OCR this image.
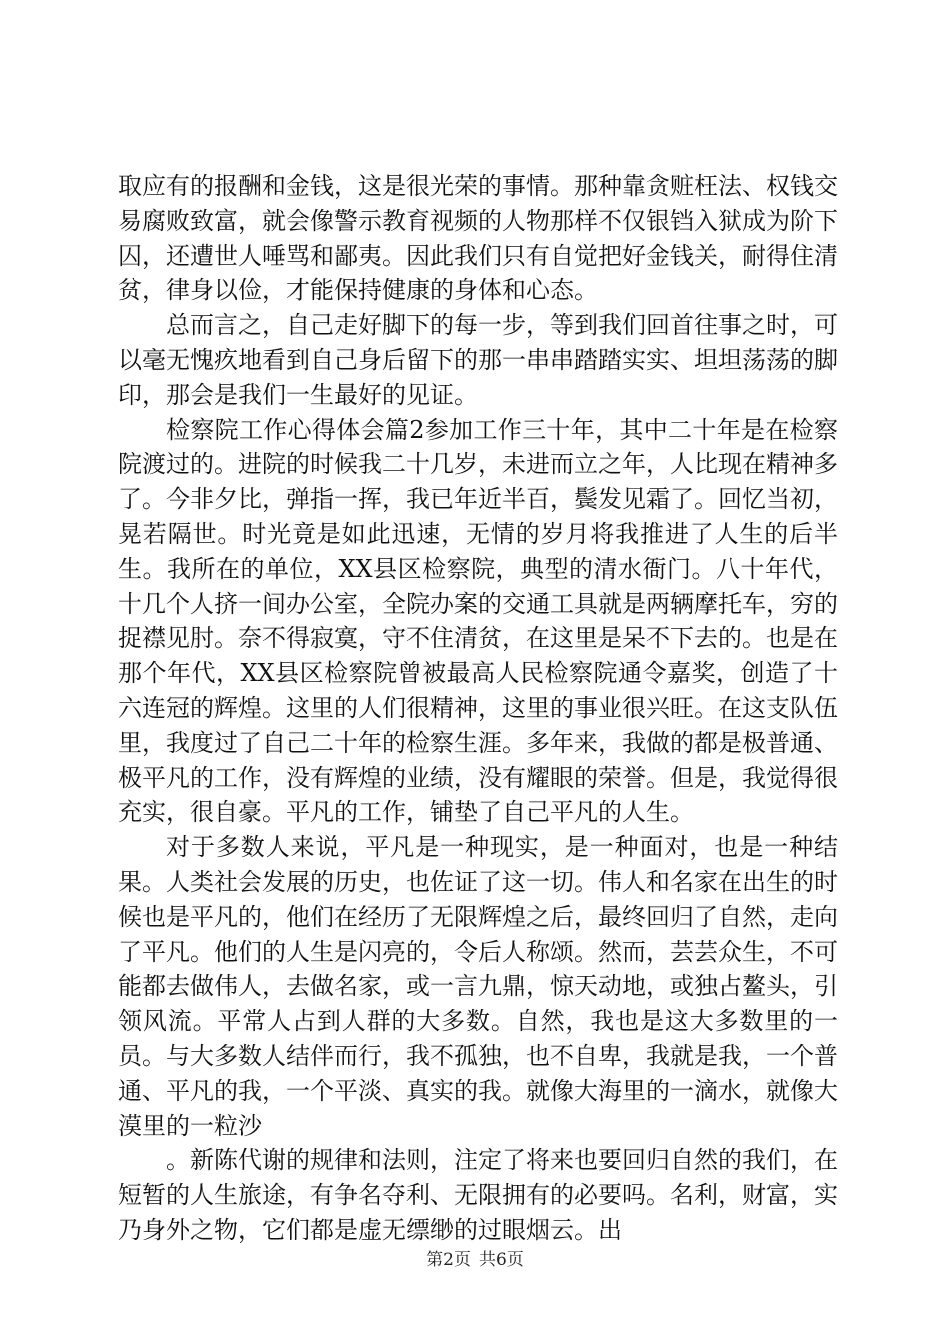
取应有的报酬和金钱，这是很光荣的事情。那种靠贪赃枉法、权钱交易腐败致富，就会像警示教育视频的人物那样不仅银铛入狱成为阶下囚，还遭世人唾骂和鄙夷。因此我们只有自觉把好金钱关，耐得住清贫，律身以俭，才能保持健康的身体和心态。

总而言之，自己走好脚下的每一步，等到我们回首往事之时，可以毫无愧疚地看到自己身后留下的那一串串踏踏实实、坦坦荡荡的脚印，那会是我们一生最好的见证。

检察院工作心得体会篇2参加工作三十年，其中二十年是在检察院渡过的。进院的时候我二十几岁，未进而立之年，人比现在精神多了。今非夕比，弹指一挥，我已年近半百，鬓发见霜了。回忆当初，晃若隔世。时光竟是如此迅速，无情的岁月将我推进了人生的后半生。我所在的单位，XX县区检察院，典型的清水衙门。八十年代，十几个人挤一间办公室，全院办案的交通工具就是两辆摩托车，穷的捉襟见肘。奈不得寂寞，守不住清贫，在这里是呆不下去的。也是在那个年代，XX县区检察院曾被最高人民检察院通令嘉奖，创造了十六连冠的辉煌。这里的人们很精神，这里的事业很兴旺。在这支队伍里，我度过了自己二十年的检察生涯。多年来，我做的都是极普通、极平凡的工作，没有辉煌的业绩，没有耀眼的荣誉。但是，我觉得很充实，很自豪。平凡的工作，铺垫了自己平凡的人生。

对于多数人来说，平凡是一种现实，是一种面对，也是一种结果。人类社会发展的历史，也佐证了这一切。伟人和名家在出生的时候也是平凡的，他们在经历了无限辉煌之后，最终回归了自然，走向了平凡。他们的人生是闪亮的，令后人称颂。然而，芸芸众生，不可能都去做伟人，去做名家，或一言九鼎，惊天动地，或独占鳌头，引领风流。平常人占到人群的大多数。自然，我也是这大多数里的一员。与大多数人结伴而行，我不孤独，也不自卑，我就是我，一个普通、平凡的我，一个平淡、真实的我。就像大海里的一滴水，就像大漠里的一粒沙

。新陈代谢的规律和法则，注定了将来也要回归自然的我们，在短暂的人生旅途，有争名夺利、无限拥有的必要吗。名利，财富，实乃身外之物，它们都是虚无缥缈的过眼烟云。出

第2页 共6页
